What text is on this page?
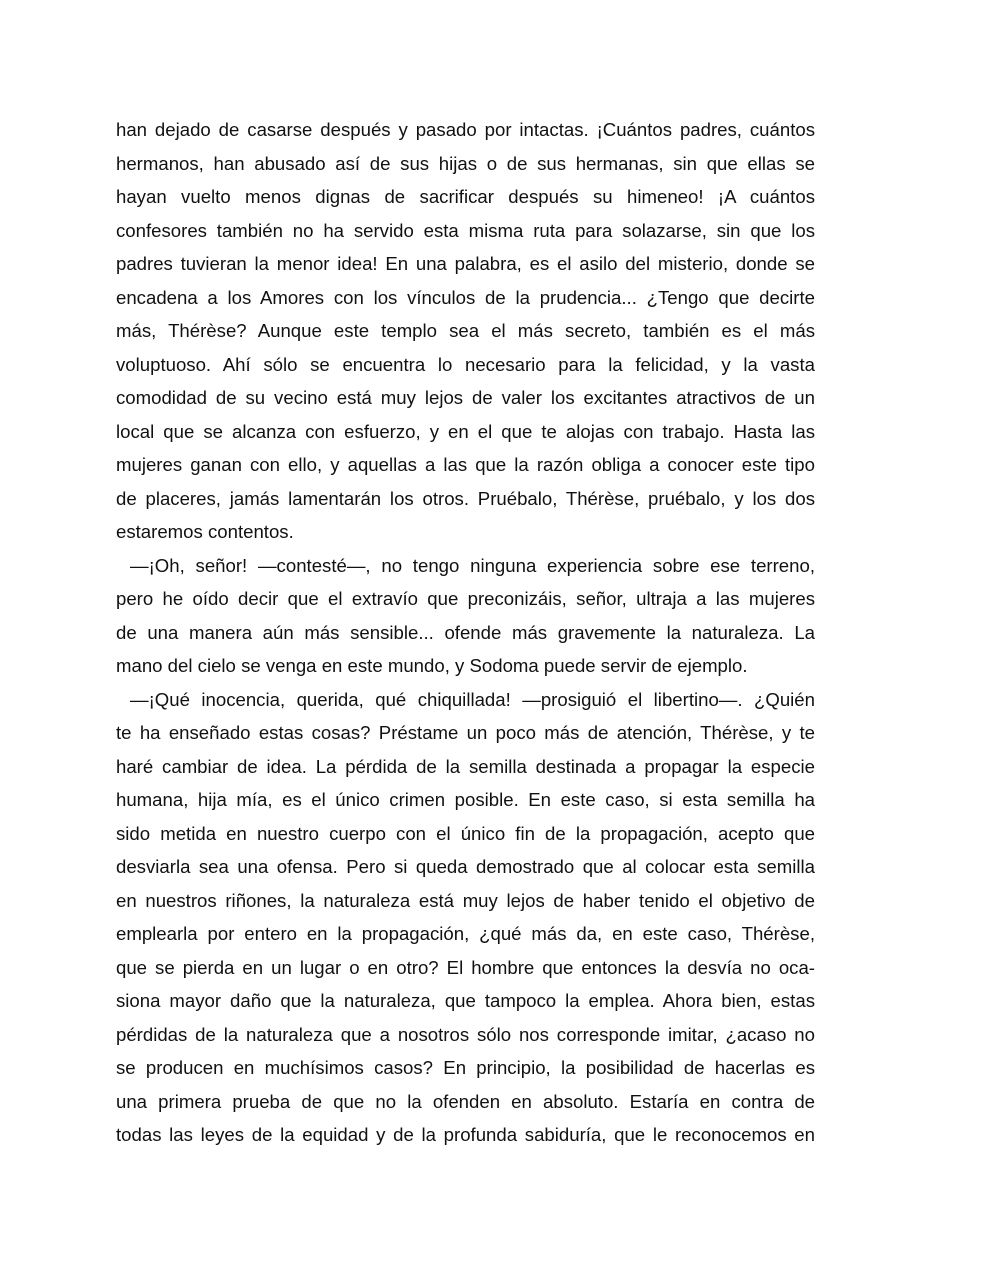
han dejado de casarse después y pasado por intactas. ¡Cuántos padres, cuántos
hermanos, han abusado así de sus hijas o de sus hermanas, sin que ellas se
hayan vuelto menos dignas de sacrificar después su himeneo! ¡A cuántos
confesores también no ha servido esta misma ruta para solazarse, sin que los
padres tuvieran la menor idea! En una palabra, es el asilo del misterio, donde se
encadena a los Amores con los vínculos de la prudencia... ¿Tengo que decirte
más, Thérèse? Aunque este templo sea el más secreto, también es el más
voluptuoso. Ahí sólo se encuentra lo necesario para la felicidad, y la vasta
comodidad de su vecino está muy lejos de valer los excitantes atractivos de un
local que se alcanza con esfuerzo, y en el que te alojas con trabajo. Hasta las
mujeres ganan con ello, y aquellas a las que la razón obliga a conocer este tipo
de placeres, jamás lamentarán los otros. Pruébalo, Thérèse, pruébalo, y los dos
estaremos contentos.
—¡Oh, señor! —contesté—, no tengo ninguna experiencia sobre ese terreno,
pero he oído decir que el extravío que preconizáis, señor, ultraja a las mujeres
de una manera aún más sensible... ofende más gravemente la naturaleza. La
mano del cielo se venga en este mundo, y Sodoma puede servir de ejemplo.
—¡Qué inocencia, querida, qué chiquillada! —prosiguió el libertino—. ¿Quién
te ha enseñado estas cosas? Préstame un poco más de atención, Thérèse, y te
haré cambiar de idea. La pérdida de la semilla destinada a propagar la especie
humana, hija mía, es el único crimen posible. En este caso, si esta semilla ha
sido metida en nuestro cuerpo con el único fin de la propagación, acepto que
desviarla sea una ofensa. Pero si queda demostrado que al colocar esta semilla
en nuestros riñones, la naturaleza está muy lejos de haber tenido el objetivo de
emplearla por entero en la propagación, ¿qué más da, en este caso, Thérèse,
que se pierda en un lugar o en otro? El hombre que entonces la desvía no oca-
siona mayor daño que la naturaleza, que tampoco la emplea. Ahora bien, estas
pérdidas de la naturaleza que a nosotros sólo nos corresponde imitar, ¿acaso no
se producen en muchísimos casos? En principio, la posibilidad de hacerlas es
una primera prueba de que no la ofenden en absoluto. Estaría en contra de
todas las leyes de la equidad y de la profunda sabiduría, que le reconocemos en
